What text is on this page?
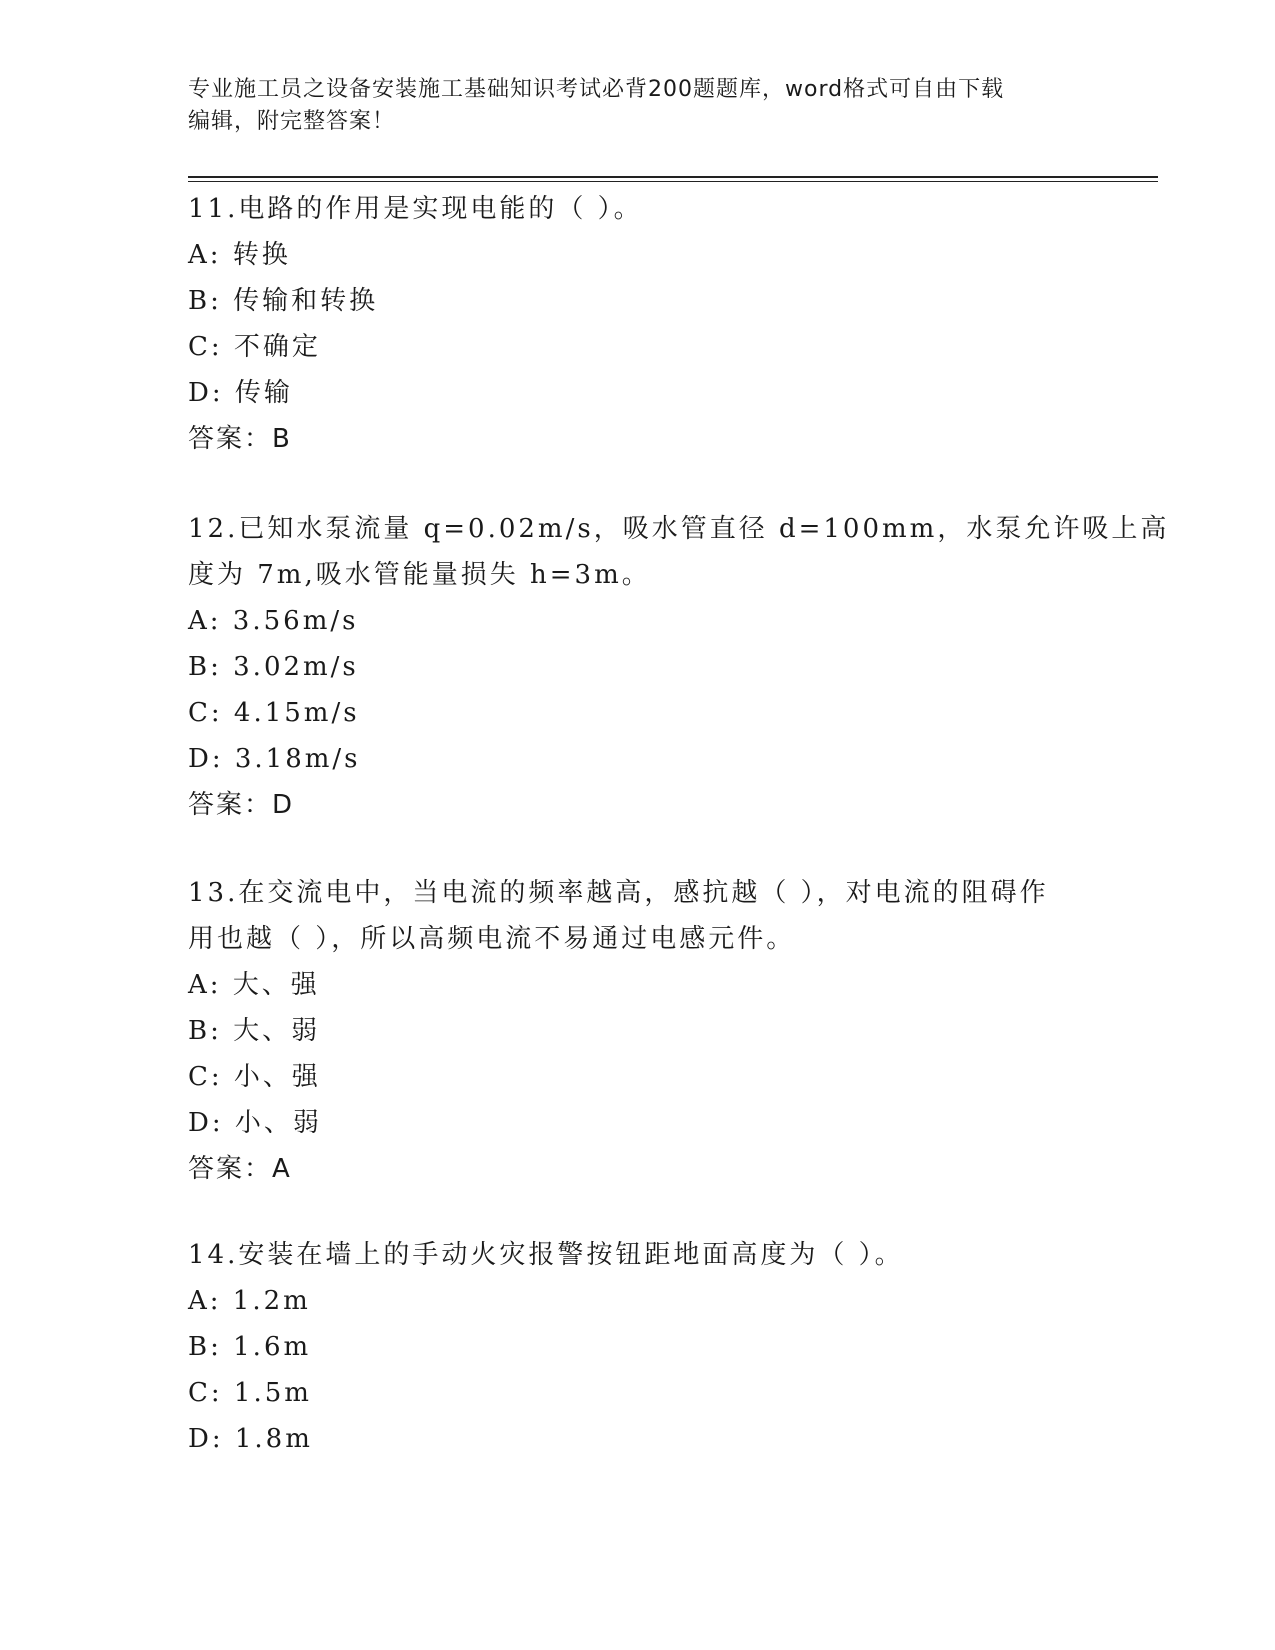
专业施工员之设备安装施工基础知识考试必背200题题库，word格式可自由下载
编辑，附完整答案！
11.电路的作用是实现电能的（ ）。
A: 转换
B: 传输和转换
C: 不确定
D: 传输
答案：B
12.已知水泵流量 q=0.02m/s，吸水管直径 d=100mm，水泵允许吸上高
度为 7m,吸水管能量损失 h=3m。
A: 3.56m/s
B: 3.02m/s
C: 4.15m/s
D: 3.18m/s
答案：D
13.在交流电中，当电流的频率越高，感抗越（ ），对电流的阻碍作
用也越（ ），所以高频电流不易通过电感元件。
A: 大、强
B: 大、弱
C: 小、强
D: 小、弱
答案：A
14.安装在墙上的手动火灾报警按钮距地面高度为（ ）。
A: 1.2m
B: 1.6m
C: 1.5m
D: 1.8m
